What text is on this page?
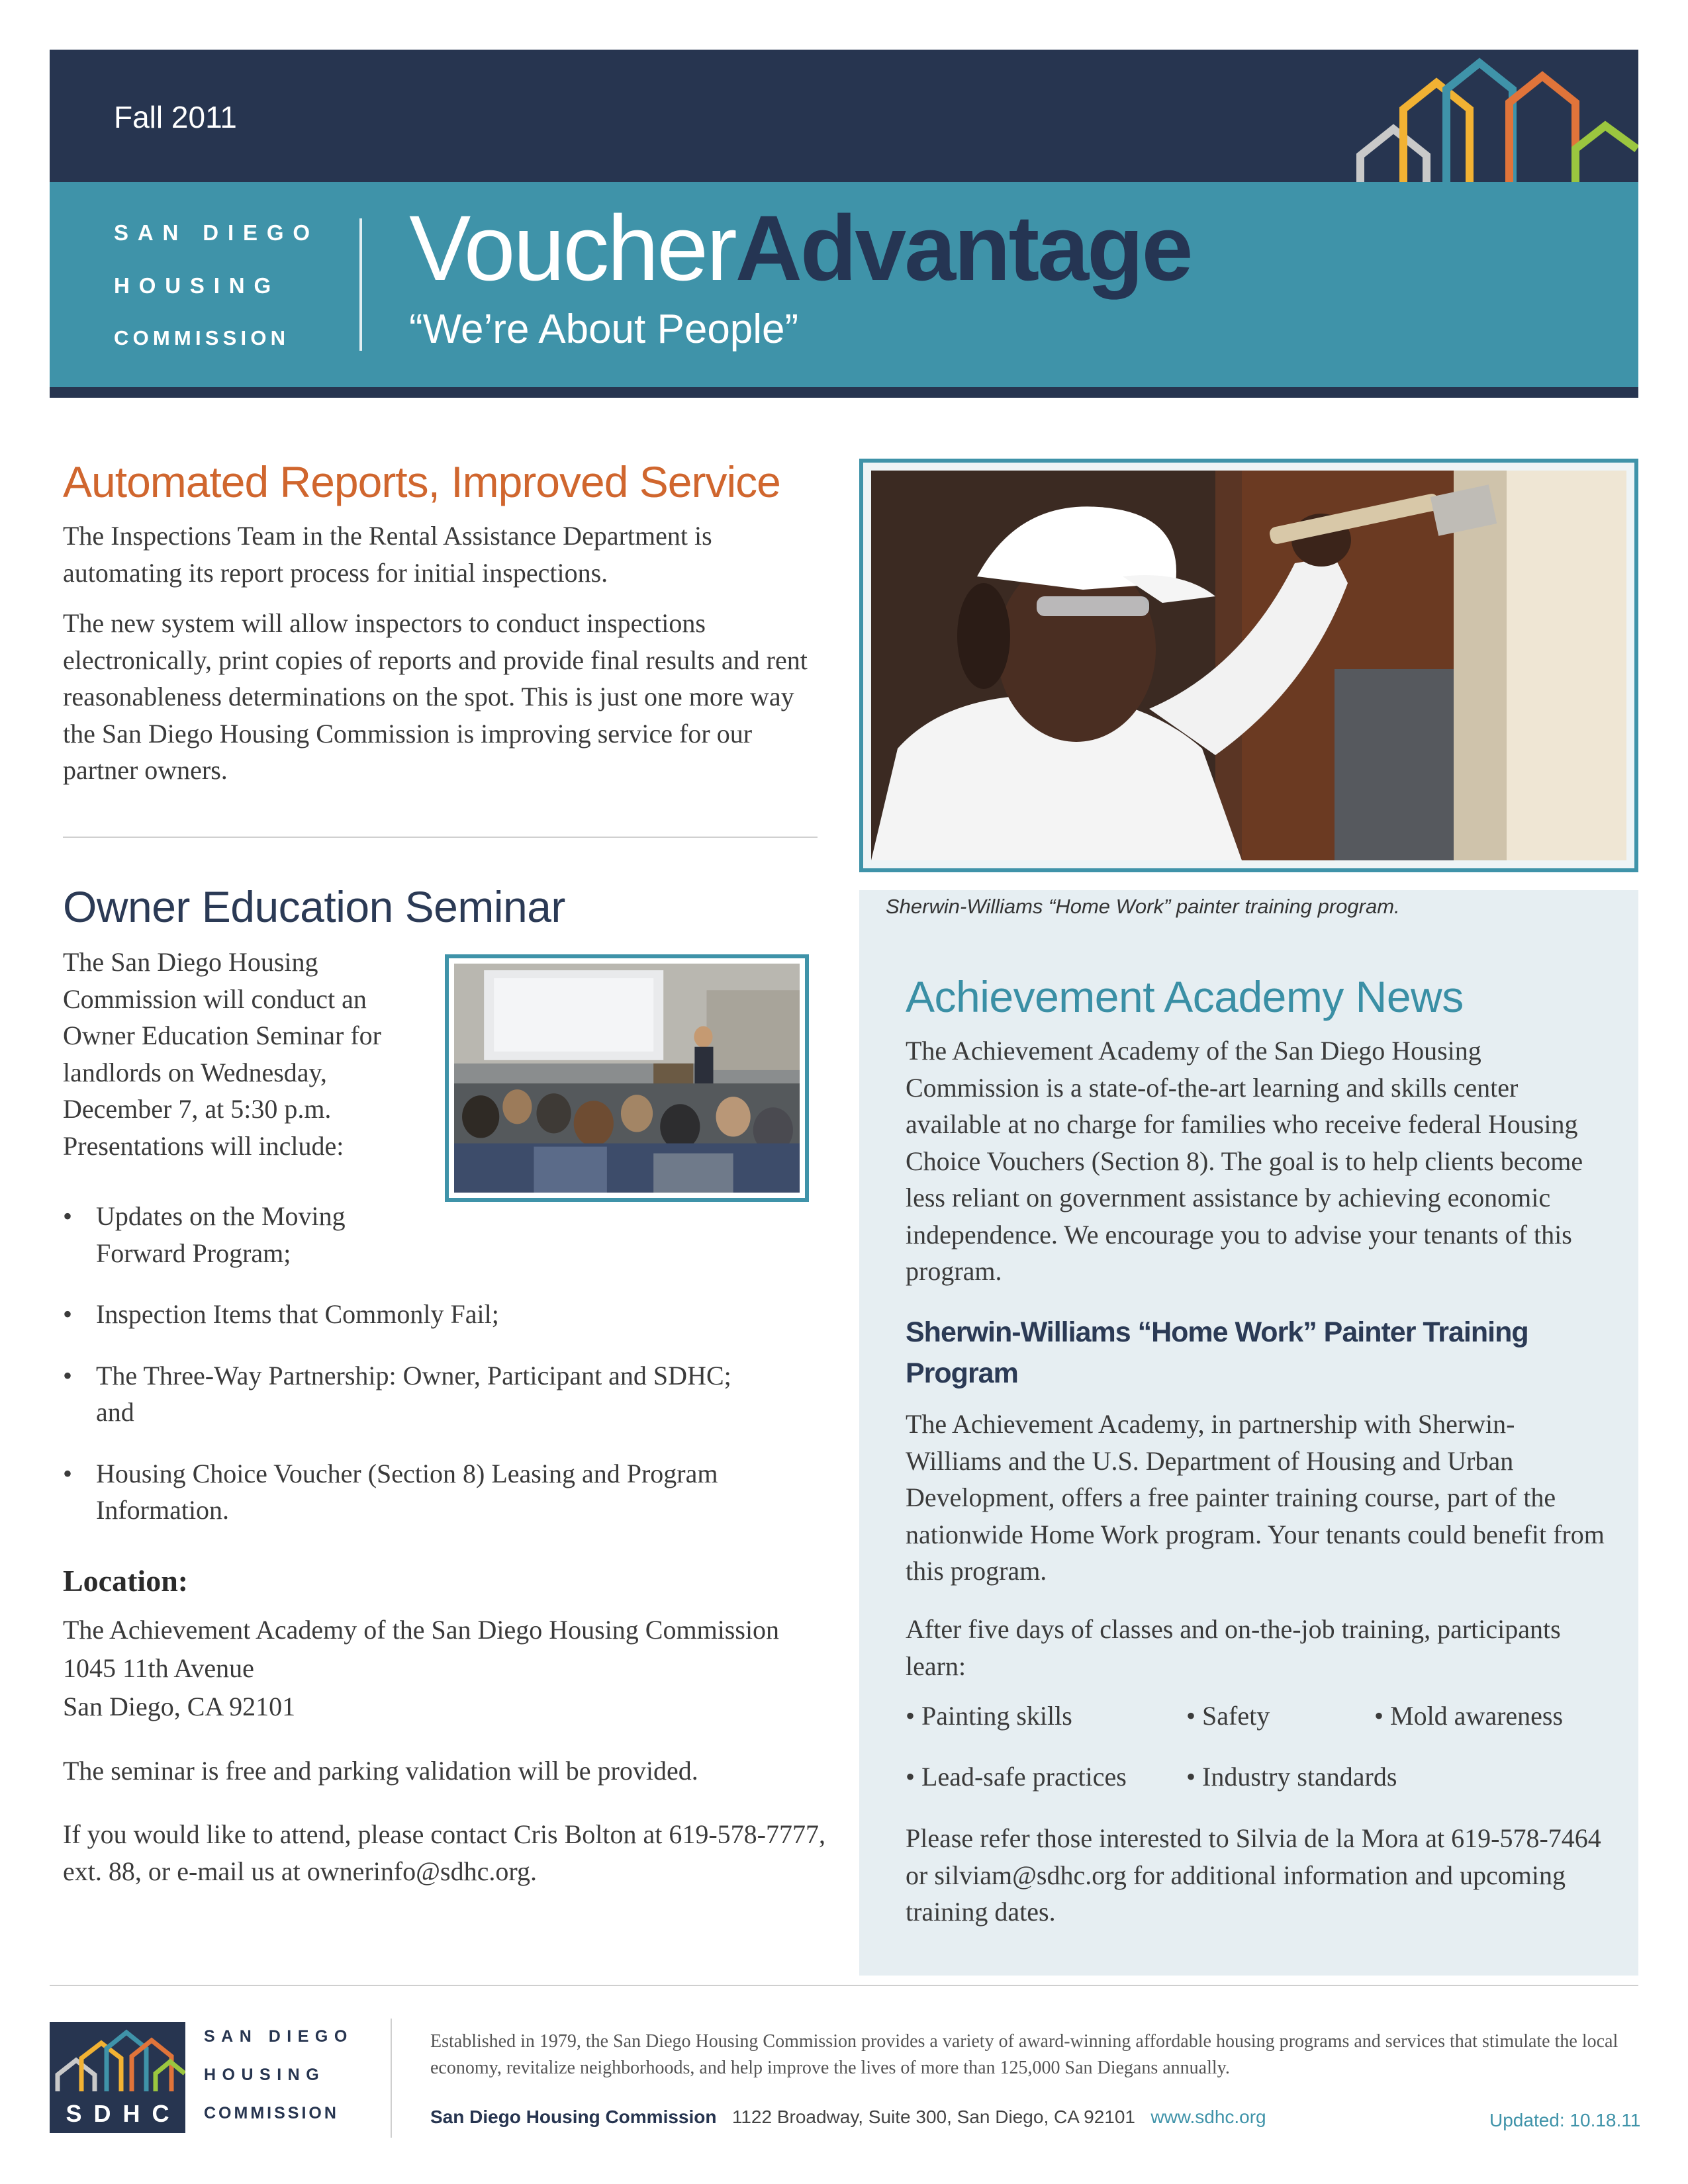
Fall 2011
SAN DIEGO
HOUSING
COMMISSION
VoucherAdvantage
“We’re About People”
Automated Reports, Improved Service

The Inspections Team in the Rental Assistance Department is automating its report process for initial inspections.

The new system will allow inspectors to conduct inspections electronically, print copies of reports and provide final results and rent reasonableness determinations on the spot. This is just one more way the San Diego Housing Commission is improving service for our partner owners.

Owner Education Seminar

The San Diego Housing Commission will conduct an Owner Education Seminar for landlords on Wednesday, December 7, at 5:30 p.m. Presentations will include:

• Updates on the Moving Forward Program;
• Inspection Items that Commonly Fail;
• The Three-Way Partnership: Owner, Participant and SDHC; and
• Housing Choice Voucher (Section 8) Leasing and Program Information.
Location:
The Achievement Academy of the San Diego Housing Commission
1045 11th Avenue
San Diego, CA 92101

The seminar is free and parking validation will be provided.

If you would like to attend, please contact Cris Bolton at 619-578-7777, ext. 88, or e-mail us at ownerinfo@sdhc.org.

Sherwin-Williams “Home Work” painter training program.
Achievement Academy News

The Achievement Academy of the San Diego Housing Commission is a state-of-the-art learning and skills center available at no charge for families who receive federal Housing Choice Vouchers (Section 8). The goal is to help clients become less reliant on government assistance by achieving economic independence. We encourage you to advise your tenants of this program.

Sherwin-Williams “Home Work” Painter Training Program

The Achievement Academy, in partnership with Sherwin-Williams and the U.S. Department of Housing and Urban Development, offers a free painter training course, part of the nationwide Home Work program. Your tenants could benefit from this program.

After five days of classes and on-the-job training, participants learn:

• Painting skills	• Safety	• Mold awareness
• Lead-safe practices • Industry standards

Please refer those interested to Silvia de la Mora at 619-578-7464 or silviam@sdhc.org for additional information and upcoming training dates.

SDHC
SAN DIEGO
HOUSING
COMMISSION
Established in 1979, the San Diego Housing Commission provides a variety of award-winning affordable housing programs and services that stimulate the local economy, revitalize neighborhoods, and help improve the lives of more than 125,000 San Diegans annually.
San Diego Housing Commission 1122 Broadway, Suite 300, San Diego, CA 92101 www.sdhc.org	Updated: 10.18.11
